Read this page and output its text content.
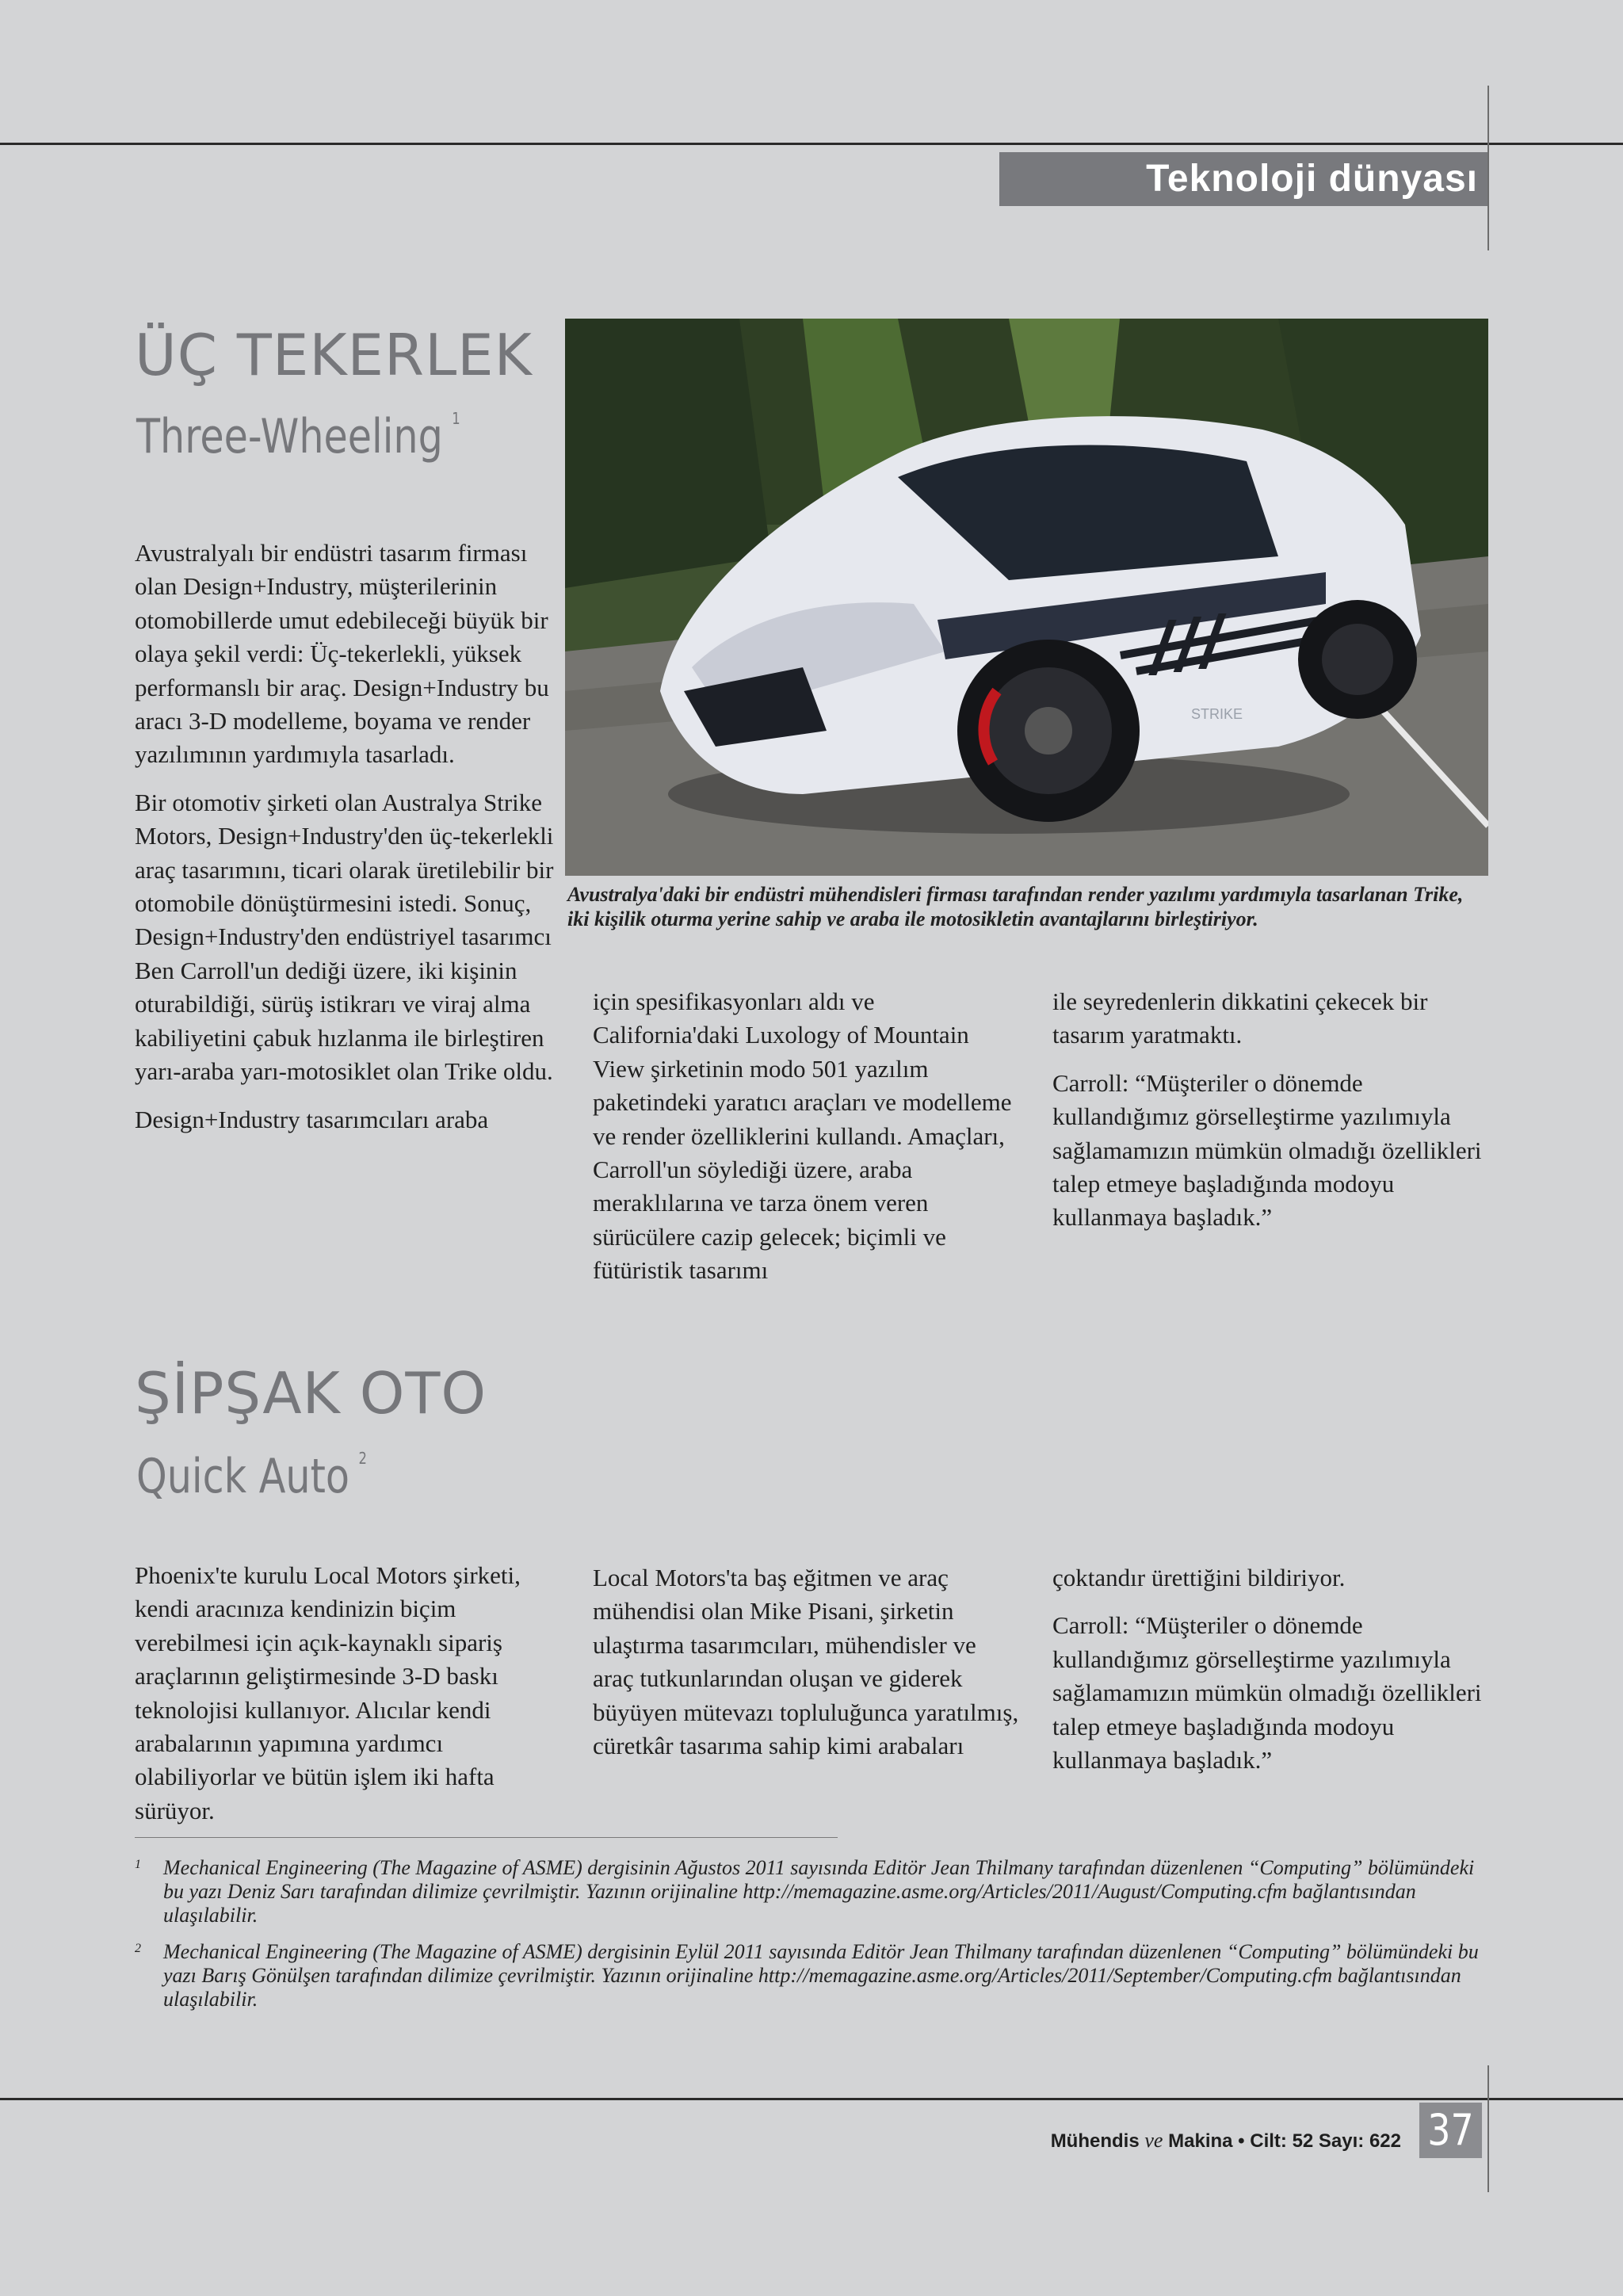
Teknoloji dünyası
ÜÇ TEKERLEK
Three-Wheeling $^1$

Avustralyalı bir endüstri tasarım firması olan Design+Industry, müşterilerinin otomobillerde umut edebileceği büyük bir olaya şekil verdi: Üç-tekerlekli, yüksek performanslı bir araç. Design+Industry bu aracı 3-D modelleme, boyama ve render yazılımının yardımıyla tasarladı.

Bir otomotiv şirketi olan Australya Strike Motors, Design+Industry'den üç-tekerlekli araç tasarımını, ticari olarak üretilebilir bir otomobile dönüştürmesini istedi. Sonuç, Design+Industry'den endüstriyel tasarımcı Ben Carroll'un dediği üzere, iki kişinin oturabildiği, sürüş istikrarı ve viraj alma kabiliyetini çabuk hızlanma ile birleştiren yarı-araba yarı-motosiklet olan Trike oldu.

Design+Industry tasarımcıları araba

STRIKE
Avustralya'daki bir endüstri mühendisleri firması tarafından render yazılımı yardımıyla tasarlanan Trike, iki kişilik oturma yerine sahip ve araba ile motosikletin avantajlarını birleştiriyor.

için spesifikasyonları aldı ve California'daki Luxology of Mountain View şirketinin modo 501 yazılım paketindeki yaratıcı araçları ve modelleme ve render özelliklerini kullandı. Amaçları, Carroll'un söylediği üzere, araba meraklılarına ve tarza önem veren sürücülere cazip gelecek; biçimli ve fütüristik tasarımı

ile seyredenlerin dikkatini çekecek bir tasarım yaratmaktı.

Carroll: “Müşteriler o dönemde kullandığımız görselleştirme yazılımıyla sağlamamızın mümkün olmadığı özellikleri talep etmeye başladığında modoyu kullanmaya başladık.”

ŞİPŞAK OTO
Quick Auto $^2$

Phoenix'te kurulu Local Motors şirketi, kendi aracınıza kendinizin biçim verebilmesi için açık-kaynaklı sipariş araçlarının geliştirmesinde 3-D baskı teknolojisi kullanıyor. Alıcılar kendi arabalarının yapımına yardımcı olabiliyorlar ve bütün işlem iki hafta sürüyor.

Local Motors'ta baş eğitmen ve araç mühendisi olan Mike Pisani, şirketin ulaştırma tasarımcıları, mühendisler ve araç tutkunlarından oluşan ve giderek büyüyen mütevazı topluluğunca yaratılmış, cüretkâr tasarıma sahip kimi arabaları

çoktandır ürettiğini bildiriyor.

Carroll: “Müşteriler o dönemde kullandığımız görselleştirme yazılımıyla sağlamamızın mümkün olmadığı özellikleri talep etmeye başladığında modoyu kullanmaya başladık.”

1 Mechanical Engineering (The Magazine of ASME) dergisinin Ağustos 2011 sayısında Editör Jean Thilmany tarafından düzenlenen “Computing” bölümündeki bu yazı Deniz Sarı tarafından dilimize çevrilmiştir. Yazının orijinaline http://memagazine.asme.org/Articles/2011/August/Computing.cfm bağlantısından ulaşılabilir.
2 Mechanical Engineering (The Magazine of ASME) dergisinin Eylül 2011 sayısında Editör Jean Thilmany tarafından düzenlenen “Computing” bölümündeki bu yazı Barış Gönülşen tarafından dilimize çevrilmiştir. Yazının orijinaline http://memagazine.asme.org/Articles/2011/September/Computing.cfm bağlantısından ulaşılabilir.
Mühendis ve Makina • Cilt: 52 Sayı: 622 37
